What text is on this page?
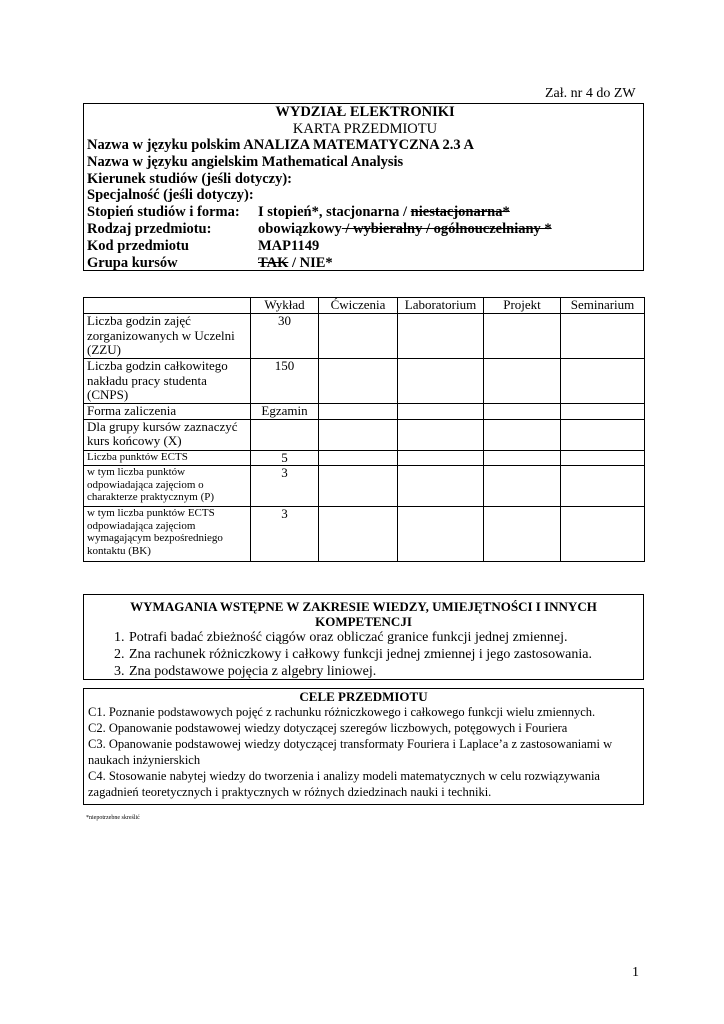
Zał. nr 4 do ZW
WYDZIAŁ ELEKTRONIKI
KARTA PRZEDMIOTU
Nazwa w języku polskim ANALIZA MATEMATYCZNA 2.3 A
Nazwa w języku angielskim Mathematical Analysis
Kierunek studiów (jeśli dotyczy):
Specjalność (jeśli dotyczy):
Stopień studiów i forma: I stopień*, stacjonarna / niestacjonarna*
Rodzaj przedmiotu:	obowiązkowy / wybieralny / ogólnouczelniany *
Kod przedmiotu	MAP1149
Grupa kursów	TAK / NIE*
	Wykład	Ćwiczenia	Laboratorium	Projekt	Seminarium
Liczba godzin zajęć zorganizowanych w Uczelni (ZZU)	30				
Liczba godzin całkowitego nakładu pracy studenta (CNPS)	150				
Forma zaliczenia	Egzamin				
Dla grupy kursów zaznaczyć kurs końcowy (X)					
Liczba punktów ECTS	5				
w tym liczba punktów odpowiadająca zajęciom o charakterze praktycznym (P)	3				
w tym liczba punktów ECTS odpowiadająca zajęciom wymagającym bezpośredniego kontaktu (BK)	3				
WYMAGANIA WSTĘPNE W ZAKRESIE WIEDZY, UMIEJĘTNOŚCI I INNYCH KOMPETENCJI
1. Potrafi badać zbieżność ciągów oraz obliczać granice funkcji jednej zmiennej.
2. Zna rachunek różniczkowy i całkowy funkcji jednej zmiennej i jego zastosowania.
3. Zna podstawowe pojęcia z algebry liniowej.
CELE PRZEDMIOTU
C1. Poznanie podstawowych pojęć z rachunku różniczkowego i całkowego funkcji wielu zmiennych.
C2. Opanowanie podstawowej wiedzy dotyczącej szeregów liczbowych, potęgowych i Fouriera
C3. Opanowanie podstawowej wiedzy dotyczącej transformaty Fouriera i Laplace’a z zastosowaniami w naukach inżynierskich
C4. Stosowanie nabytej wiedzy do tworzenia i analizy modeli matematycznych w celu rozwiązywania zagadnień teoretycznych i praktycznych w różnych dziedzinach nauki i techniki.
*niepotrzebne skreślić
1
